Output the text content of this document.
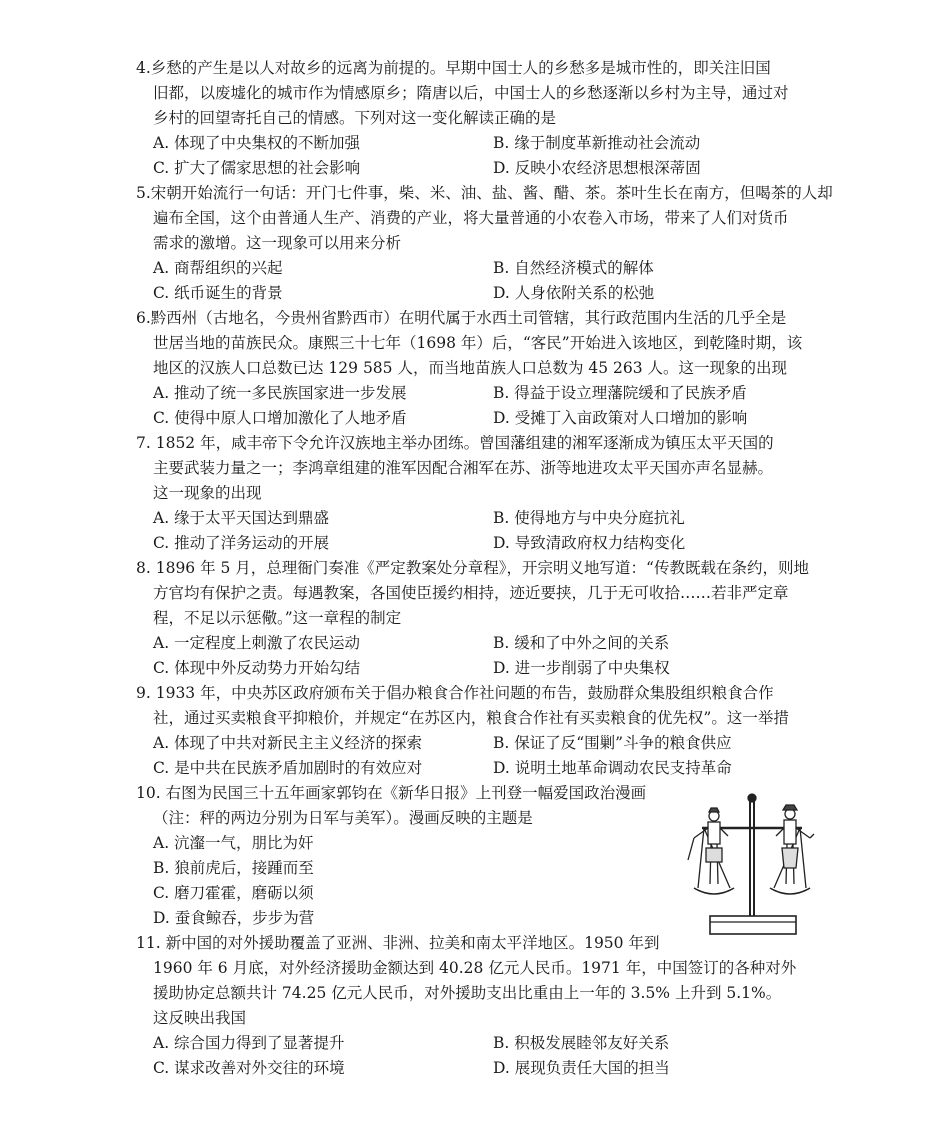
4.乡愁的产生是以人对故乡的远离为前提的。早期中国士人的乡愁多是城市性的，即关注旧国
旧都，以废墟化的城市作为情感原乡；隋唐以后，中国士人的乡愁逐渐以乡村为主导，通过对
乡村的回望寄托自己的情感。下列对这一变化解读正确的是
A. 体现了中央集权的不断加强	B. 缘于制度革新推动社会流动
C. 扩大了儒家思想的社会影响	D. 反映小农经济思想根深蒂固
5.宋朝开始流行一句话：开门七件事，柴、米、油、盐、酱、醋、茶。茶叶生长在南方，但喝茶的人却
遍布全国，这个由普通人生产、消费的产业，将大量普通的小农卷入市场，带来了人们对货币
需求的激增。这一现象可以用来分析
A. 商帮组织的兴起	B. 自然经济模式的解体
C. 纸币诞生的背景	D. 人身依附关系的松弛
6.黔西州（古地名，今贵州省黔西市）在明代属于水西土司管辖，其行政范围内生活的几乎全是
世居当地的苗族民众。康熙三十七年（1698 年）后，“客民”开始进入该地区，到乾隆时期，该
地区的汉族人口总数已达 129 585 人，而当地苗族人口总数为 45 263 人。这一现象的出现
A. 推动了统一多民族国家进一步发展	B. 得益于设立理藩院缓和了民族矛盾
C. 使得中原人口增加激化了人地矛盾	D. 受摊丁入亩政策对人口增加的影响
7. 1852 年，咸丰帝下令允许汉族地主举办团练。曾国藩组建的湘军逐渐成为镇压太平天国的
主要武装力量之一；李鸿章组建的淮军因配合湘军在苏、浙等地进攻太平天国亦声名显赫。
这一现象的出现
A. 缘于太平天国达到鼎盛	B. 使得地方与中央分庭抗礼
C. 推动了洋务运动的开展	D. 导致清政府权力结构变化
8. 1896 年 5 月，总理衙门奏准《严定教案处分章程》，开宗明义地写道：“传教既载在条约，则地
方官均有保护之责。每遇教案，各国使臣援约相持，迹近要挟，几于无可收拾……若非严定章
程，不足以示惩儆。”这一章程的制定
A. 一定程度上刺激了农民运动	B. 缓和了中外之间的关系
C. 体现中外反动势力开始勾结	D. 进一步削弱了中央集权
9. 1933 年，中央苏区政府颁布关于倡办粮食合作社问题的布告，鼓励群众集股组织粮食合作
社，通过买卖粮食平抑粮价，并规定“在苏区内，粮食合作社有买卖粮食的优先权”。这一举措
A. 体现了中共对新民主主义经济的探索	B. 保证了反“围剿”斗争的粮食供应
C. 是中共在民族矛盾加剧时的有效应对	D. 说明土地革命调动农民支持革命
10. 右图为民国三十五年画家郭钧在《新华日报》上刊登一幅爱国政治漫画
（注：秤的两边分别为日军与美军）。漫画反映的主题是
A. 沆瀣一气，朋比为奸
B. 狼前虎后，接踵而至
C. 磨刀霍霍，磨砺以须
D. 蚕食鲸吞，步步为营
11. 新中国的对外援助覆盖了亚洲、非洲、拉美和南太平洋地区。1950 年到
1960 年 6 月底，对外经济援助金额达到 40.28 亿元人民币。1971 年，中国签订的各种对外
援助协定总额共计 74.25 亿元人民币，对外援助支出比重由上一年的 3.5% 上升到 5.1%。
这反映出我国
A. 综合国力得到了显著提升	B. 积极发展睦邻友好关系
C. 谋求改善对外交往的环境	D. 展现负责任大国的担当
